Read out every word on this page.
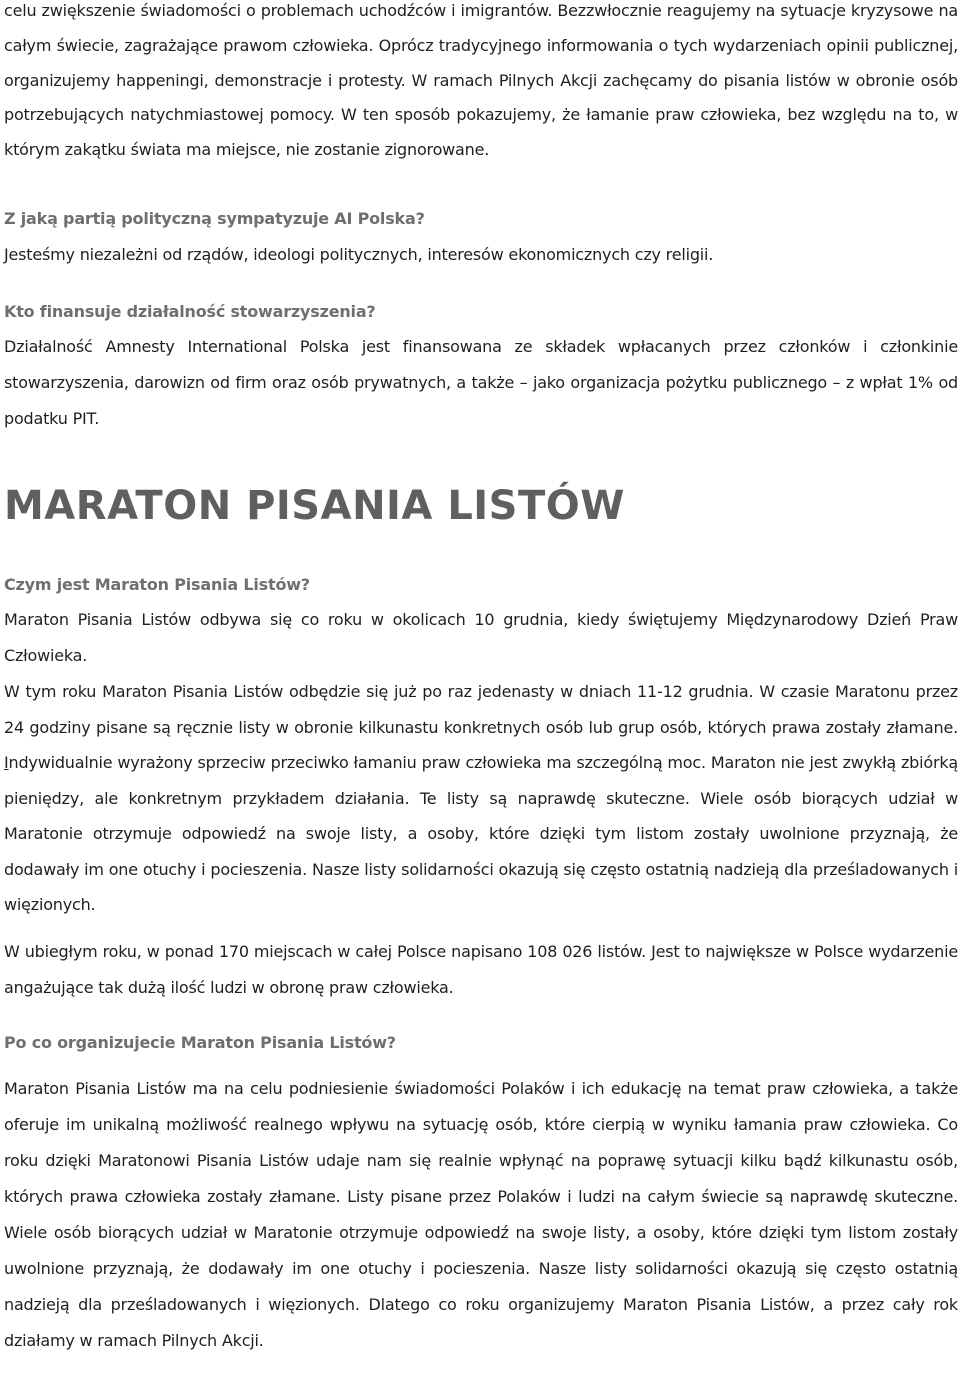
celu zwiększenie świadomości o problemach uchodźców i imigrantów. Bezzwłocznie reagujemy na sytuacje kryzysowe na całym świecie, zagrażające prawom człowieka. Oprócz tradycyjnego informowania o tych wydarzeniach opinii publicznej, organizujemy happeningi, demonstracje i protesty. W ramach Pilnych Akcji zachęcamy do pisania listów w obronie osób potrzebujących natychmiastowej pomocy. W ten sposób pokazujemy, że łamanie praw człowieka, bez względu na to, w którym zakątku świata ma miejsce, nie zostanie zignorowane.

Z jaką partią polityczną sympatyzuje AI Polska?

Jesteśmy niezależni od rządów, ideologi politycznych, interesów ekonomicznych czy religii.

Kto finansuje działalność stowarzyszenia?

Działalność Amnesty International Polska jest finansowana ze składek wpłacanych przez członków i członkinie stowarzyszenia, darowizn od firm oraz osób prywatnych, a także – jako organizacja pożytku publicznego – z wpłat 1% od podatku PIT.

MARATON PISANIA LISTÓW

Czym jest Maraton Pisania Listów?

Maraton Pisania Listów odbywa się co roku w okolicach 10 grudnia, kiedy świętujemy Międzynarodowy Dzień Praw Człowieka.

W tym roku Maraton Pisania Listów odbędzie się już po raz jedenasty w dniach 11-12 grudnia. W czasie Maratonu przez 24 godziny pisane są ręcznie listy w obronie kilkunastu konkretnych osób lub grup osób, których prawa zostały złamane. Indywidualnie wyrażony sprzeciw przeciwko łamaniu praw człowieka ma szczególną moc. Maraton nie jest zwykłą zbiórką pieniędzy, ale konkretnym przykładem działania. Te listy są naprawdę skuteczne. Wiele osób biorących udział w Maratonie otrzymuje odpowiedź na swoje listy, a osoby, które dzięki tym listom zostały uwolnione przyznają, że dodawały im one otuchy i pocieszenia. Nasze listy solidarności okazują się często ostatnią nadzieją dla prześladowanych i więzionych.

W ubiegłym roku, w ponad 170 miejscach w całej Polsce napisano 108 026 listów. Jest to największe w Polsce wydarzenie angażujące tak dużą ilość ludzi w obronę praw człowieka.

Po co organizujecie Maraton Pisania Listów?

Maraton Pisania Listów ma na celu podniesienie świadomości Polaków i ich edukację na temat praw człowieka, a także oferuje im unikalną możliwość realnego wpływu na sytuację osób, które cierpią w wyniku łamania praw człowieka. Co roku dzięki Maratonowi Pisania Listów udaje nam się realnie wpłynąć na poprawę sytuacji kilku bądź kilkunastu osób, których prawa człowieka zostały złamane. Listy pisane przez Polaków i ludzi na całym świecie są naprawdę skuteczne. Wiele osób biorących udział w Maratonie otrzymuje odpowiedź na swoje listy, a osoby, które dzięki tym listom zostały uwolnione przyznają, że dodawały im one otuchy i pocieszenia. Nasze listy solidarności okazują się często ostatnią nadzieją dla prześladowanych i więzionych. Dlatego co roku organizujemy Maraton Pisania Listów, a przez cały rok działamy w ramach Pilnych Akcji.
